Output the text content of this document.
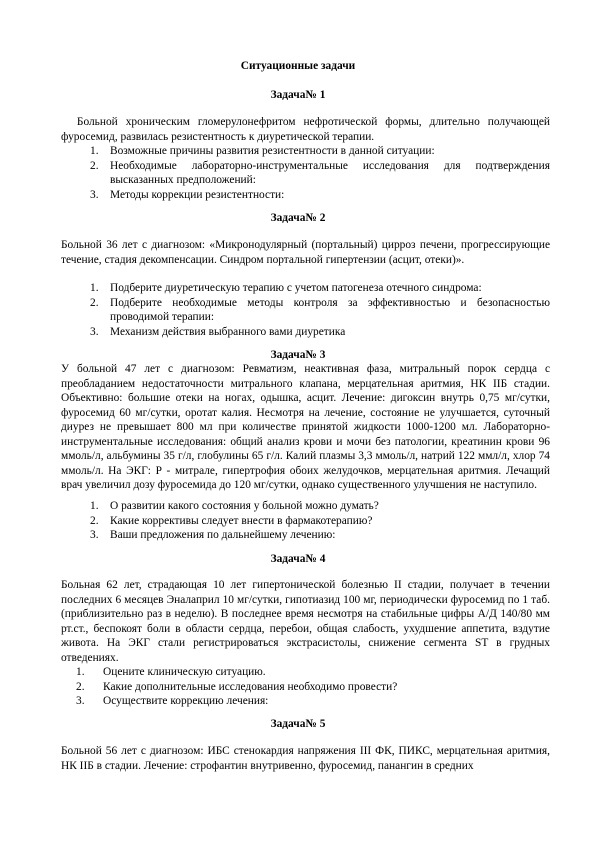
Ситуационные задачи
Задача№ 1
Больной хроническим гломерулонефритом нефротической формы, длительно получающей фуросемид, развилась резистентность к диуретической терапии.
1. Возможные причины развития резистентности в данной ситуации:
2. Необходимые лабораторно-инструментальные исследования для подтверждения высказанных предположений:
3. Методы коррекции резистентности:
Задача№ 2
Больной 36 лет с диагнозом: «Микронодулярный (портальный) цирроз печени, прогрессирующие течение, стадия декомпенсации. Синдром портальной гипертензии (асцит, отеки)».
1. Подберите диуретическую терапию с учетом патогенеза отечного синдрома:
2. Подберите необходимые методы контроля за эффективностью и безопасностью проводимой терапии:
3. Механизм действия выбранного вами диуретика
Задача№ 3
У больной 47 лет с диагнозом: Ревматизм, неактивная фаза, митральный порок сердца с преобладанием недостаточности митрального клапана, мерцательная аритмия, НК IIБ стадии. Объективно: большие отеки на ногах, одышка, асцит. Лечение: дигоксин внутрь 0,75 мг/сутки, фуросемид 60 мг/сутки, оротат калия. Несмотря на лечение, состояние не улучшается, суточный диурез не превышает 800 мл при количестве принятой жидкости 1000-1200 мл. Лабораторно-инструментальные исследования: общий анализ крови и мочи без патологии, креатинин крови 96 ммоль/л, альбумины 35 г/л, глобулины 65 г/л. Калий плазмы 3,3 ммоль/л, натрий 122 ммл/л, хлор 74 ммоль/л. На ЭКГ: Р - митрале, гипертрофия обоих желудочков, мерцательная аритмия. Лечащий врач увеличил дозу фуросемида до 120 мг/сутки, однако существенного улучшения не наступило.
1. О развитии какого состояния у больной можно думать?
2. Какие коррективы следует внести в фармакотерапию?
3. Ваши предложения по дальнейшему лечению:
Задача№ 4
Больная 62 лет, страдающая 10 лет гипертонической болезнью II стадии, получает в течении последних 6 месяцев Эналаприл 10 мг/сутки, гипотиазид 100 мг, периодически фуросемид по 1 таб. (приблизительно раз в неделю). В последнее время несмотря на стабильные цифры А/Д 140/80 мм рт.ст., беспокоят боли в области сердца, перебои, общая слабость, ухудшение аппетита, вздутие живота. На ЭКГ стали регистрироваться экстрасистолы, снижение сегмента ST в грудных отведениях.
1. Оцените клиническую ситуацию.
2. Какие дополнительные исследования необходимо провести?
3. Осуществите коррекцию лечения:
Задача№ 5
Больной 56 лет с диагнозом: ИБС стенокардия напряжения III ФК, ПИКС, мерцательная аритмия, НК IIБ в стадии. Лечение: строфантин внутривенно, фуросемид, панангин в средних
